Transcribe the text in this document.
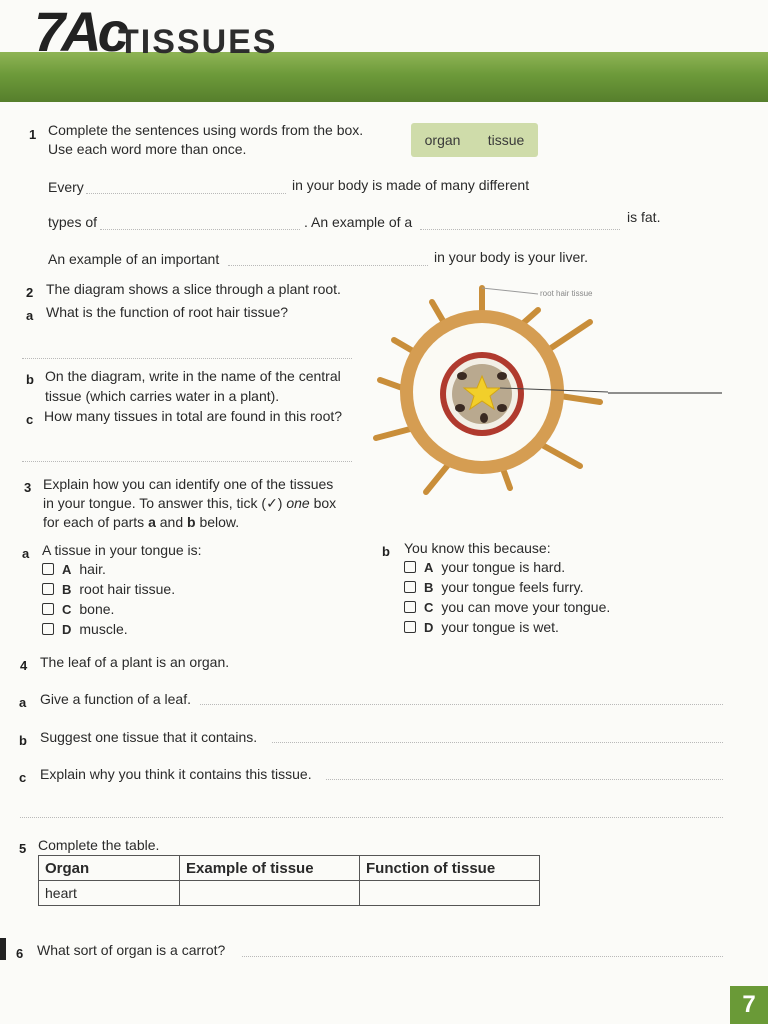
7Ac
TISSUES
1 Complete the sentences using words from the box.
Use each word more than once.
organ tissue
Every	in your body is made of many different
types of	. An example of a	is fat.
An example of an important	in your body is your liver.
2 The diagram shows a slice through a plant root.
a What is the function of root hair tissue?
b On the diagram, write in the name of the central
tissue (which carries water in a plant).
c How many tissues in total are found in this root?
root hair tissue
3 Explain how you can identify one of the tissues
in your tongue. To answer this, tick (✓) one box
for each of parts a and b below.
a A tissue in your tongue is:
A hair.
B root hair tissue.
C bone.
D muscle.
b You know this because:
A your tongue is hard.
B your tongue feels furry.
C you can move your tongue.
D your tongue is wet.
4 The leaf of a plant is an organ.
a Give a function of a leaf.
b Suggest one tissue that it contains.
c Explain why you think it contains this tissue.
5 Complete the table.
Organ	Example of tissue	Function of tissue
heart		
6 What sort of organ is a carrot?
7
